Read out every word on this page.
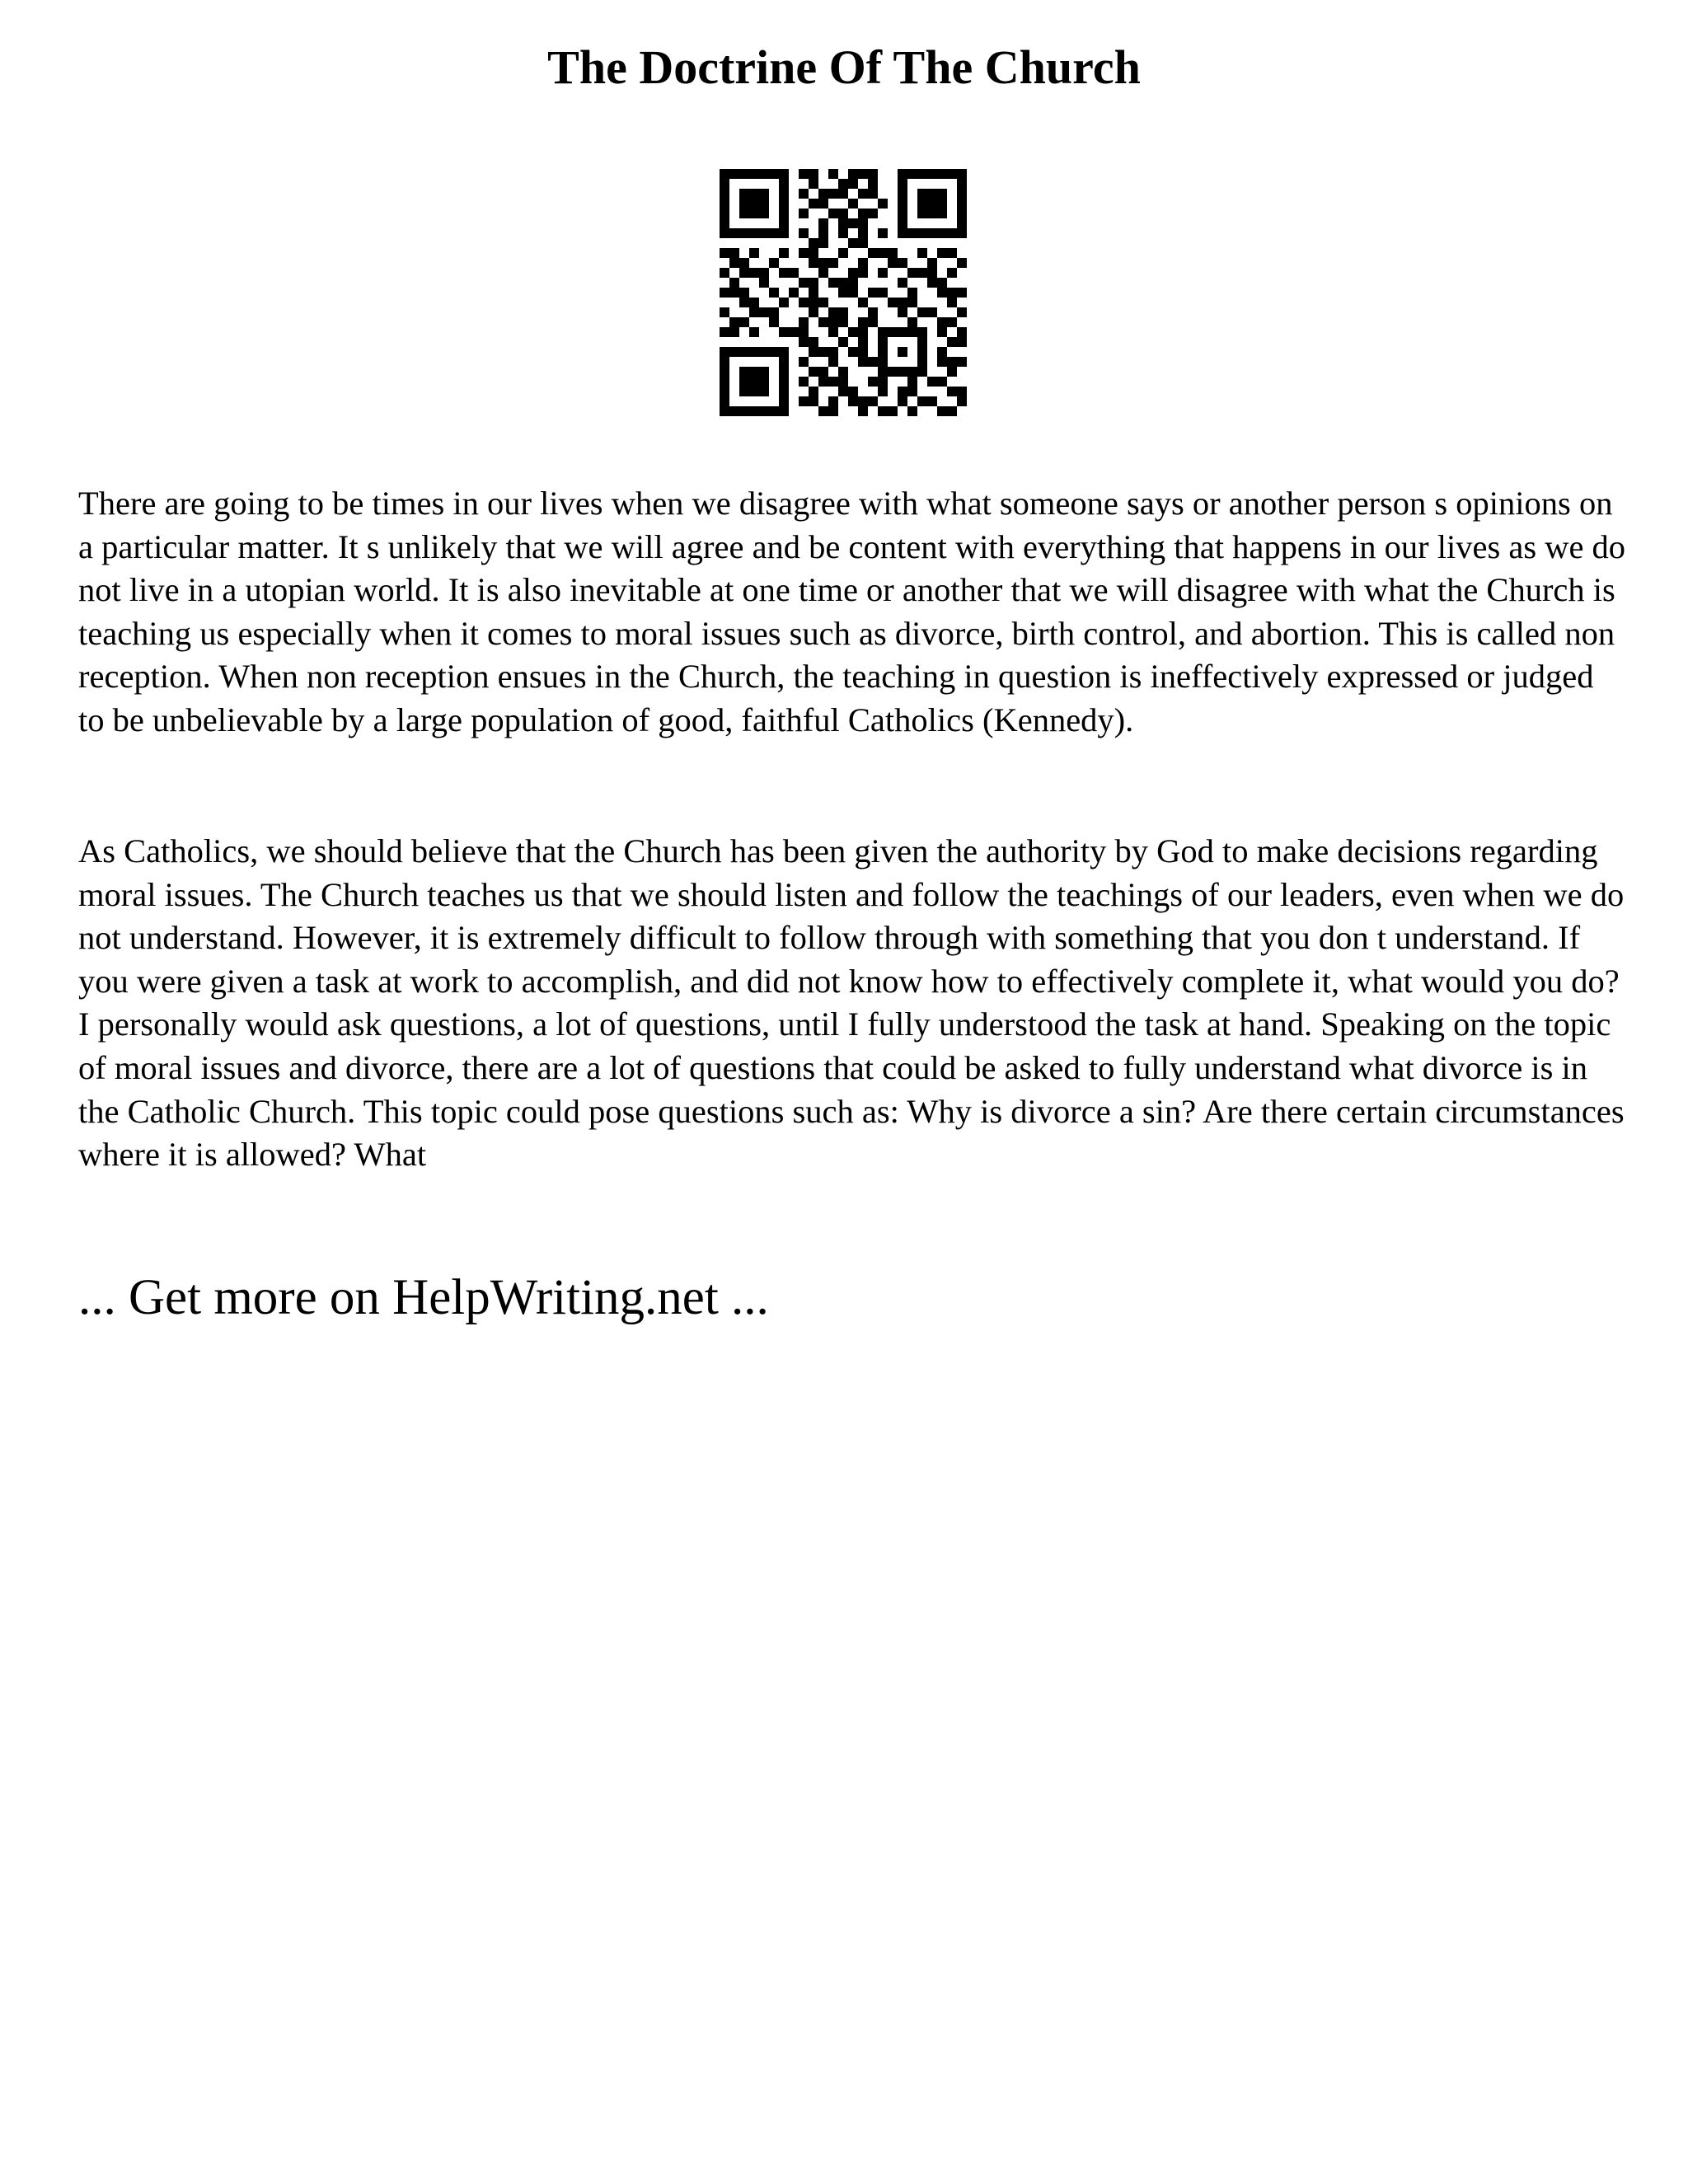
The Doctrine Of The Church

There are going to be times in our lives when we disagree with what someone says or another person s opinions on a particular matter. It s unlikely that we will agree and be content with everything that happens in our lives as we do not live in a utopian world. It is also inevitable at one time or another that we will disagree with what the Church is teaching us especially when it comes to moral issues such as divorce, birth control, and abortion. This is called non reception. When non reception ensues in the Church, the teaching in question is ineffectively expressed or judged to be unbelievable by a large population of good, faithful Catholics (Kennedy).

As Catholics, we should believe that the Church has been given the authority by God to make decisions regarding moral issues. The Church teaches us that we should listen and follow the teachings of our leaders, even when we do not understand. However, it is extremely difficult to follow through with something that you don t understand. If you were given a task at work to accomplish, and did not know how to effectively complete it, what would you do? I personally would ask questions, a lot of questions, until I fully understood the task at hand. Speaking on the topic of moral issues and divorce, there are a lot of questions that could be asked to fully understand what divorce is in the Catholic Church. This topic could pose questions such as: Why is divorce a sin? Are there certain circumstances where it is allowed? What

... Get more on HelpWriting.net ...
